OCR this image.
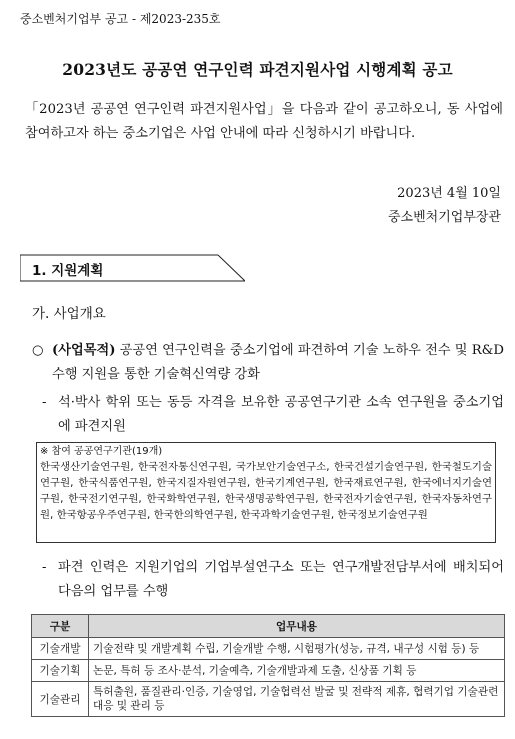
중소벤처기업부 공고 - 제2023-235호
2023년도 공공연 연구인력 파견지원사업 시행계획 공고
「2023년 공공연 연구인력 파견지원사업」을 다음과 같이 공고하오니, 동 사업에 참여하고자 하는 중소기업은 사업 안내에 따라 신청하시기 바랍니다.
2023년 4월 10일
중소벤처기업부장관
1. 지원계획
가. 사업개요
○ (사업목적) 공공연 연구인력을 중소기업에 파견하여 기술 노하우 전수 및 R&D 수행 지원을 통한 기술혁신역량 강화
- 석·박사 학위 또는 동등 자격을 보유한 공공연구기관 소속 연구원을 중소기업에 파견지원
※ 참여 공공연구기관(19개)
한국생산기술연구원, 한국전자통신연구원, 국가보안기술연구소, 한국건설기술연구원, 한국철도기술연구원, 한국식품연구원, 한국지질자원연구원, 한국기계연구원, 한국재료연구원, 한국에너지기술연구원, 한국전기연구원, 한국화학연구원, 한국생명공학연구원, 한국전자기술연구원, 한국자동차연구원, 한국항공우주연구원, 한국한의학연구원, 한국과학기술연구원, 한국정보기술연구원
- 파견 인력은 지원기업의 기업부설연구소 또는 연구개발전담부서에 배치되어 다음의 업무를 수행
구분	업무내용
기술개발	기술전략 및 개발계획 수립, 기술개발 수행, 시험평가(성능, 규격, 내구성 시험 등) 등
기술기획	논문, 특허 등 조사·분석, 기술예측, 기술개발과제 도출, 신상품 기획 등
기술관리	특허출원, 품질관리·인증, 기술영업, 기술협력선 발굴 및 전략적 제휴, 협력기업 기술관련 대응 및 관리 등
